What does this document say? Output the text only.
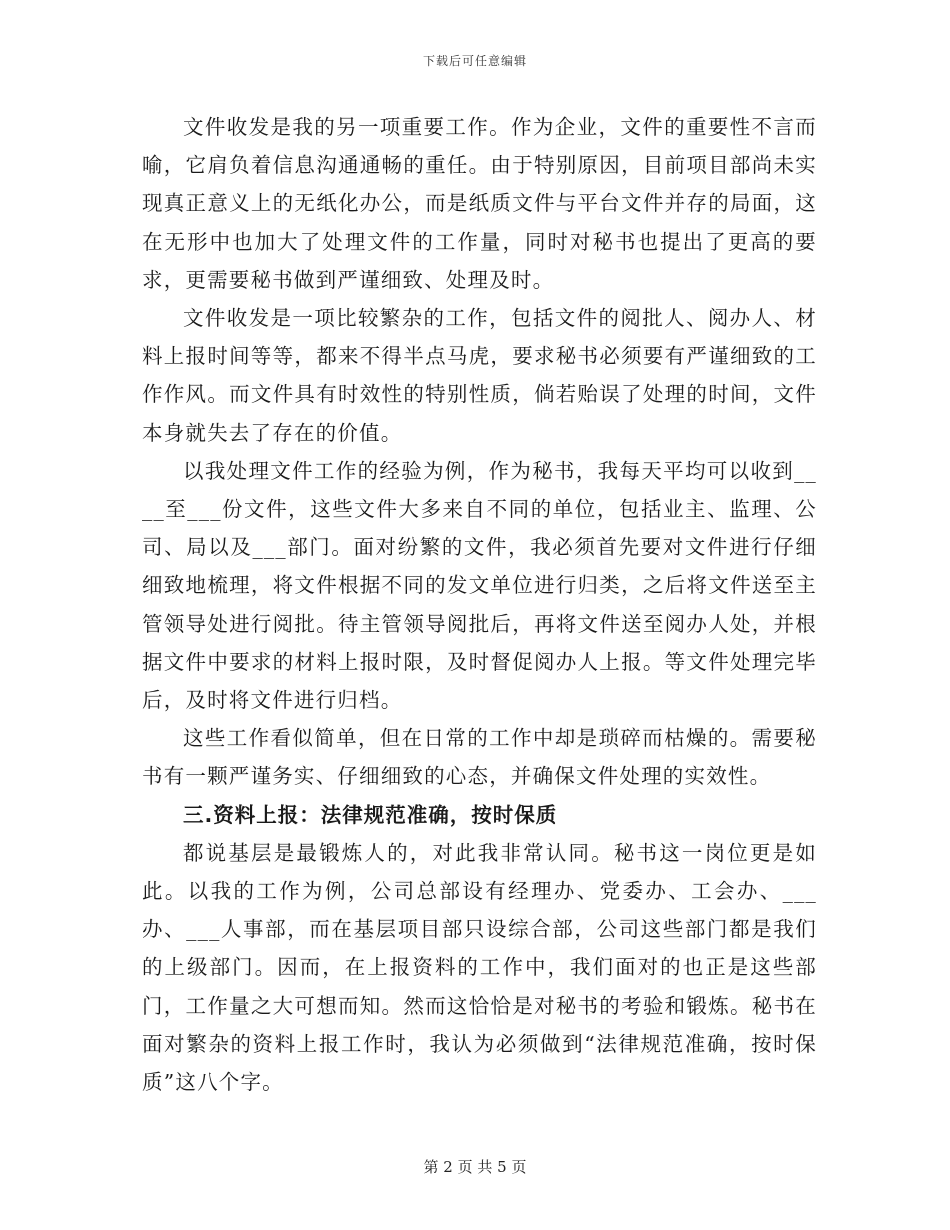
下载后可任意编辑

文件收发是我的另一项重要工作。作为企业，文件的重要性不言而喻，它肩负着信息沟通通畅的重任。由于特别原因，目前项目部尚未实现真正意义上的无纸化办公，而是纸质文件与平台文件并存的局面，这在无形中也加大了处理文件的工作量，同时对秘书也提出了更高的要求，更需要秘书做到严谨细致、处理及时。

文件收发是一项比较繁杂的工作，包括文件的阅批人、阅办人、材料上报时间等等，都来不得半点马虎，要求秘书必须要有严谨细致的工作作风。而文件具有时效性的特别性质，倘若贻误了处理的时间，文件本身就失去了存在的价值。

以我处理文件工作的经验为例，作为秘书，我每天平均可以收到____至___份文件，这些文件大多来自不同的单位，包括业主、监理、公司、局以及___部门。面对纷繁的文件，我必须首先要对文件进行仔细细致地梳理，将文件根据不同的发文单位进行归类，之后将文件送至主管领导处进行阅批。待主管领导阅批后，再将文件送至阅办人处，并根据文件中要求的材料上报时限，及时督促阅办人上报。等文件处理完毕后，及时将文件进行归档。

这些工作看似简单，但在日常的工作中却是琐碎而枯燥的。需要秘书有一颗严谨务实、仔细细致的心态，并确保文件处理的实效性。

三.资料上报：法律规范准确，按时保质

都说基层是最锻炼人的，对此我非常认同。秘书这一岗位更是如此。以我的工作为例，公司总部设有经理办、党委办、工会办、___办、___人事部，而在基层项目部只设综合部，公司这些部门都是我们的上级部门。因而，在上报资料的工作中，我们面对的也正是这些部门，工作量之大可想而知。然而这恰恰是对秘书的考验和锻炼。秘书在面对繁杂的资料上报工作时，我认为必须做到“法律规范准确，按时保质”这八个字。

第 2 页 共 5 页
